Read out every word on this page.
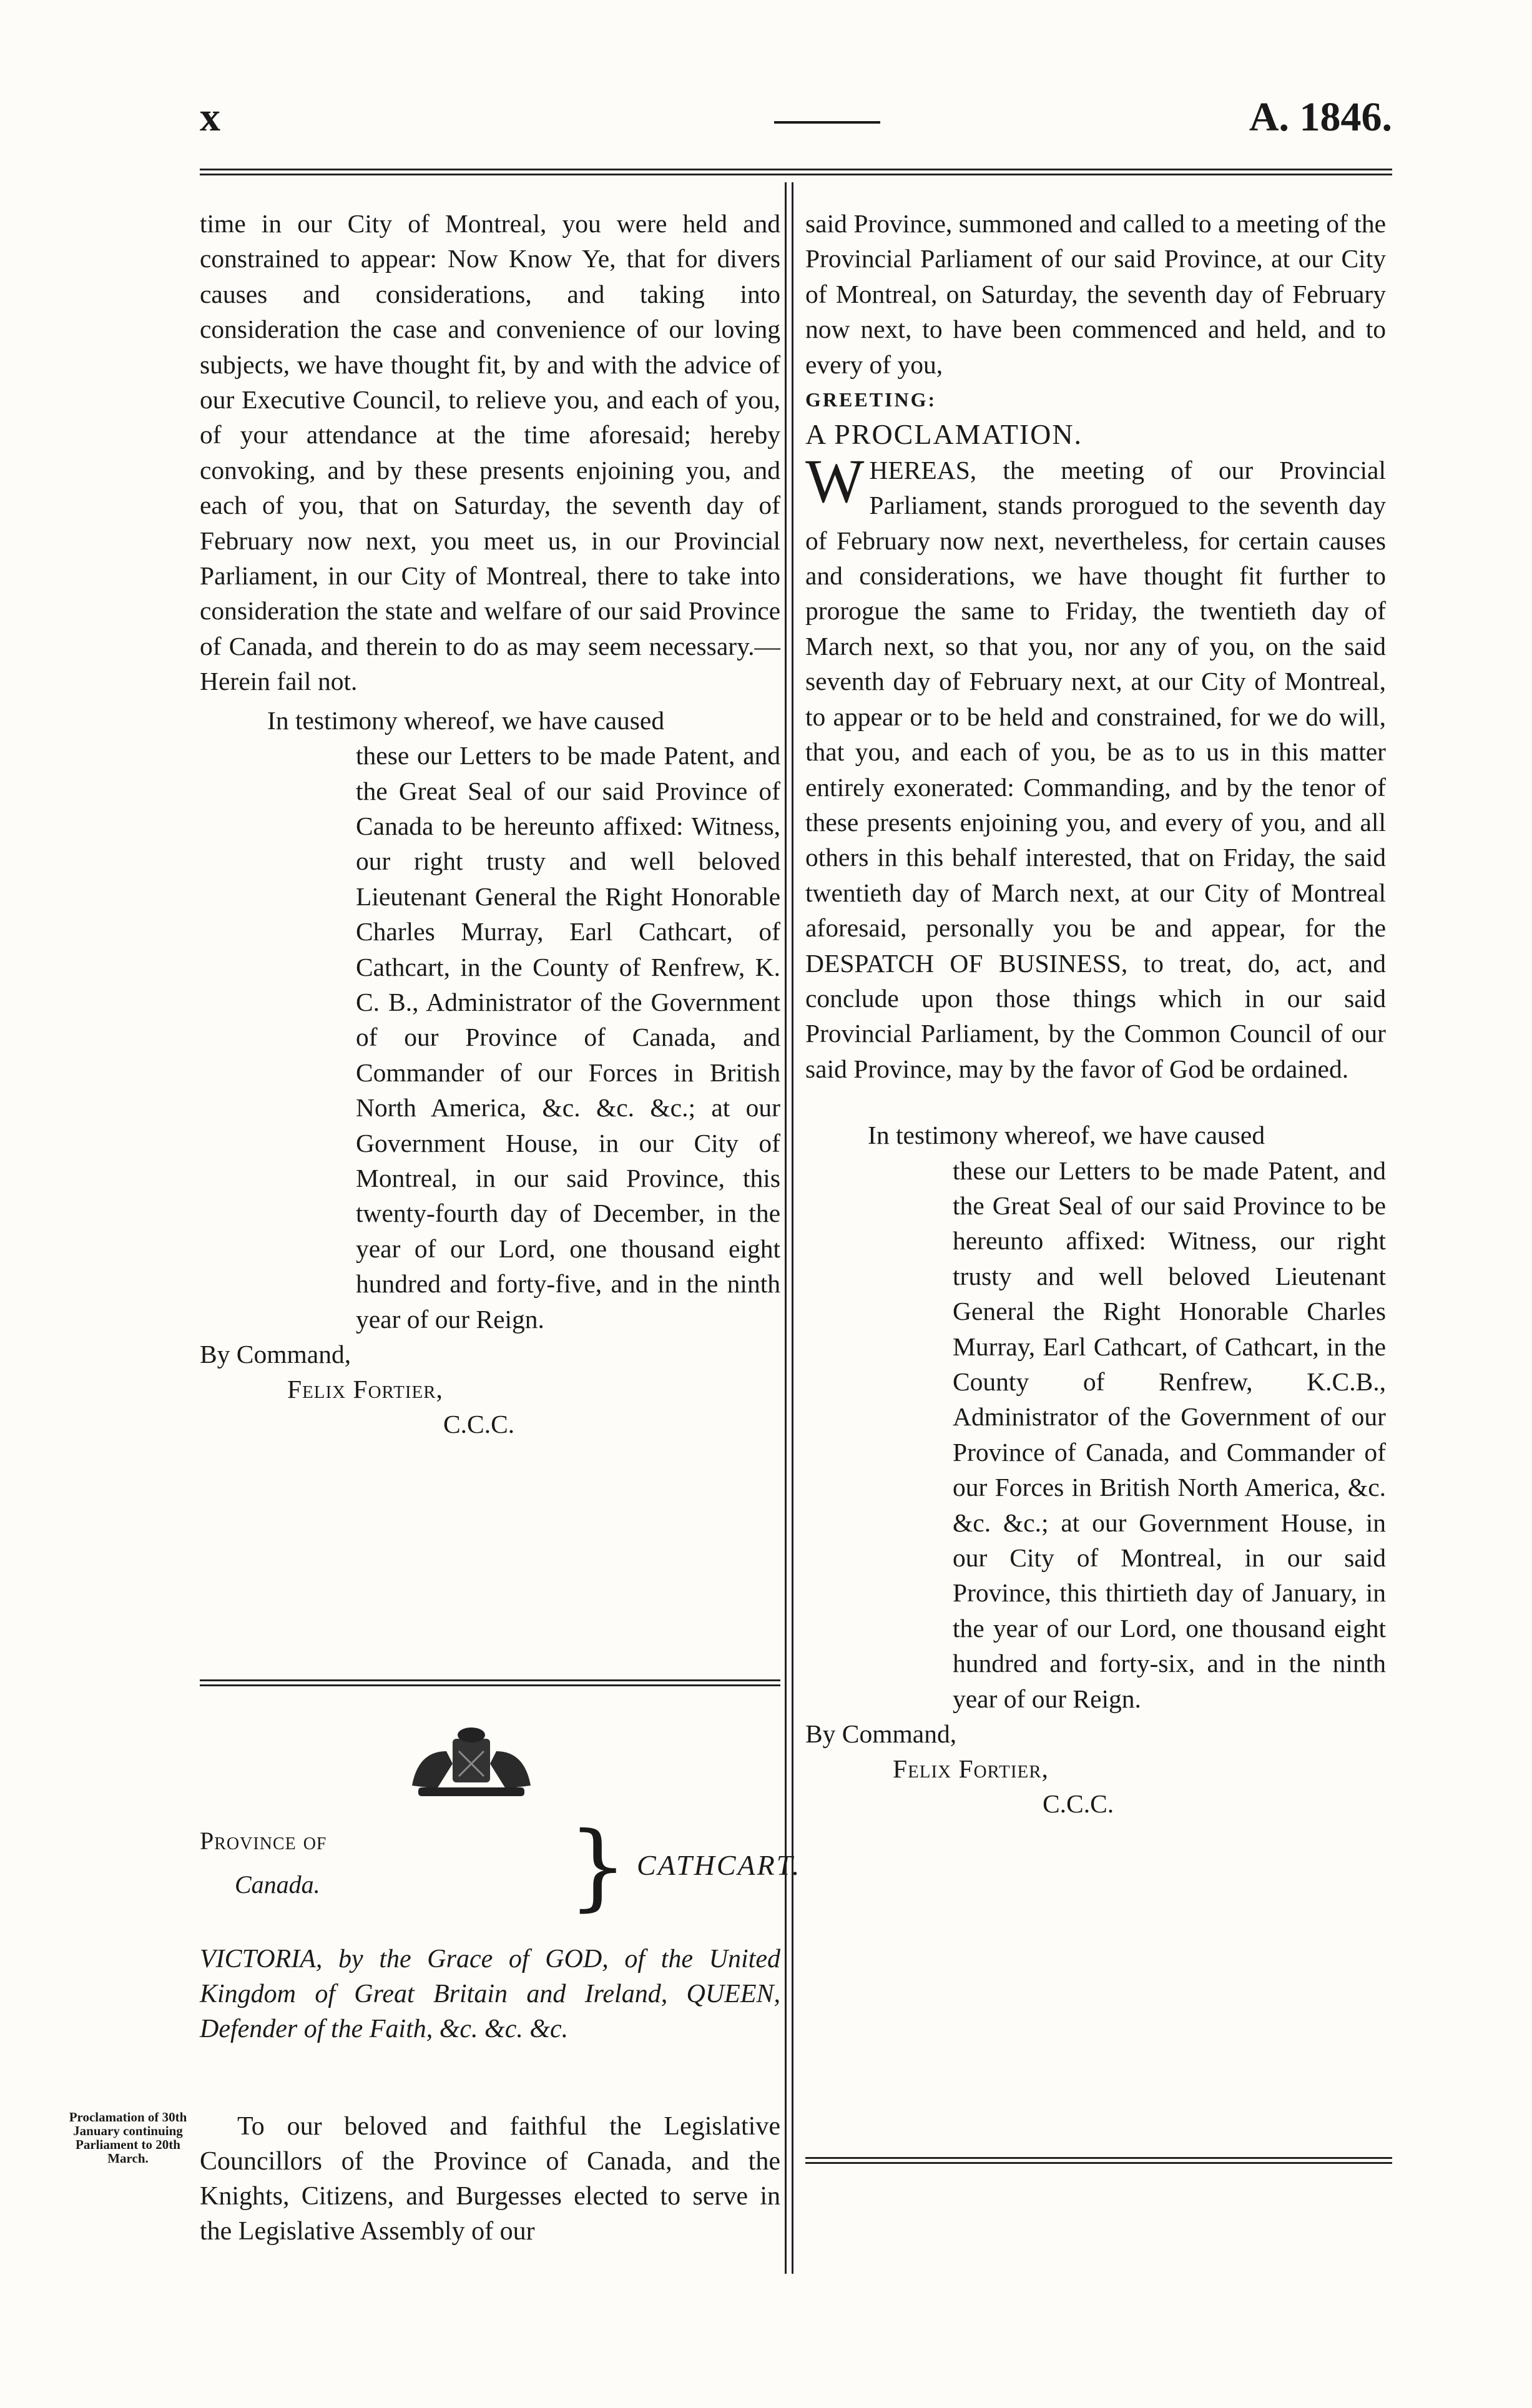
x	A. 1846.

time in our City of Montreal, you were held and constrained to appear: Now Know Ye, that for divers causes and considerations, and taking into consideration the case and convenience of our loving subjects, we have thought fit, by and with the advice of our Executive Council, to relieve you, and each of you, of your attendance at the time aforesaid; hereby convoking, and by these presents enjoining you, and each of you, that on Saturday, the seventh day of February now next, you meet us, in our Provincial Parliament, in our City of Montreal, there to take into consideration the state and welfare of our said Province of Canada, and therein to do as may seem necessary.—Herein fail not.

In testimony whereof, we have caused

these our Letters to be made Patent, and the Great Seal of our said Province of Canada to be hereunto affixed: Witness, our right trusty and well beloved Lieutenant General the Right Honorable Charles Murray, Earl Cathcart, of Cathcart, in the County of Renfrew, K. C. B., Administrator of the Government of our Province of Canada, and Commander of our Forces in British North America, &c. &c. &c.; at our Government House, in our City of Montreal, in our said Province, this twenty-fourth day of December, in the year of our Lord, one thousand eight hundred and forty-five, and in the ninth year of our Reign.

By Command,
Felix Fortier,
C.C.C.
Province of
Canada.	} CATHCART.
VICTORIA, by the Grace of GOD, of the United Kingdom of Great Britain and Ireland, QUEEN, Defender of the Faith, &c. &c. &c.
Proclamation of 30th January continuing Parliament to 20th March.
To our beloved and faithful the Legislative Councillors of the Province of Canada, and the Knights, Citizens, and Burgesses elected to serve in the Legislative Assembly of our

said Province, summoned and called to a meeting of the Provincial Parliament of our said Province, at our City of Montreal, on Saturday, the seventh day of February now next, to have been commenced and held, and to every of you,

GREETING:

A PROCLAMATION.

W HEREAS, the meeting of our Provincial Parliament, stands prorogued to the seventh day of February now next, nevertheless, for certain causes and considerations, we have thought fit further to prorogue the same to Friday, the twentieth day of March next, so that you, nor any of you, on the said seventh day of February next, at our City of Montreal, to appear or to be held and constrained, for we do will, that you, and each of you, be as to us in this matter entirely exonerated: Commanding, and by the tenor of these presents enjoining you, and every of you, and all others in this behalf interested, that on Friday, the said twentieth day of March next, at our City of Montreal aforesaid, personally you be and appear, for the DESPATCH OF BUSINESS, to treat, do, act, and conclude upon those things which in our said Provincial Parliament, by the Common Council of our said Province, may by the favor of God be ordained.

In testimony whereof, we have caused

these our Letters to be made Patent, and the Great Seal of our said Province to be hereunto affixed: Witness, our right trusty and well beloved Lieutenant General the Right Honorable Charles Murray, Earl Cathcart, of Cathcart, in the County of Renfrew, K.C.B., Administrator of the Government of our Province of Canada, and Commander of our Forces in British North America, &c. &c. &c.; at our Government House, in our City of Montreal, in our said Province, this thirtieth day of January, in the year of our Lord, one thousand eight hundred and forty-six, and in the ninth year of our Reign.

By Command,
Felix Fortier,
C.C.C.
